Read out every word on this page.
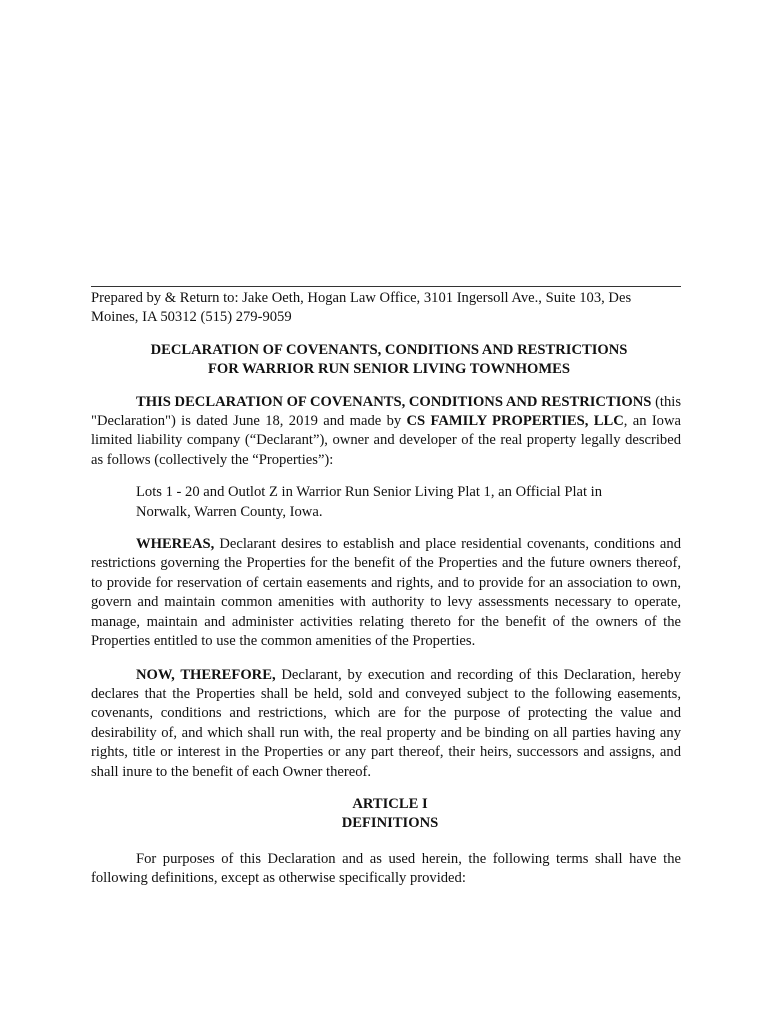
Prepared by & Return to: Jake Oeth, Hogan Law Office, 3101 Ingersoll Ave., Suite 103, Des Moines, IA 50312 (515) 279-9059

DECLARATION OF COVENANTS, CONDITIONS AND RESTRICTIONS
FOR WARRIOR RUN SENIOR LIVING TOWNHOMES

THIS DECLARATION OF COVENANTS, CONDITIONS AND RESTRICTIONS (this "Declaration") is dated June 18, 2019 and made by CS FAMILY PROPERTIES, LLC, an Iowa limited liability company (“Declarant”), owner and developer of the real property legally described as follows (collectively the “Properties”):

Lots 1 - 20 and Outlot Z in Warrior Run Senior Living Plat 1, an Official Plat in Norwalk, Warren County, Iowa.

WHEREAS, Declarant desires to establish and place residential covenants, conditions and restrictions governing the Properties for the benefit of the Properties and the future owners thereof, to provide for reservation of certain easements and rights, and to provide for an association to own, govern and maintain common amenities with authority to levy assessments necessary to operate, manage, maintain and administer activities relating thereto for the benefit of the owners of the Properties entitled to use the common amenities of the Properties.

NOW, THEREFORE, Declarant, by execution and recording of this Declaration, hereby declares that the Properties shall be held, sold and conveyed subject to the following easements, covenants, conditions and restrictions, which are for the purpose of protecting the value and desirability of, and which shall run with, the real property and be binding on all parties having any rights, title or interest in the Properties or any part thereof, their heirs, successors and assigns, and shall inure to the benefit of each Owner thereof.

ARTICLE I
DEFINITIONS

For purposes of this Declaration and as used herein, the following terms shall have the following definitions, except as otherwise specifically provided:
